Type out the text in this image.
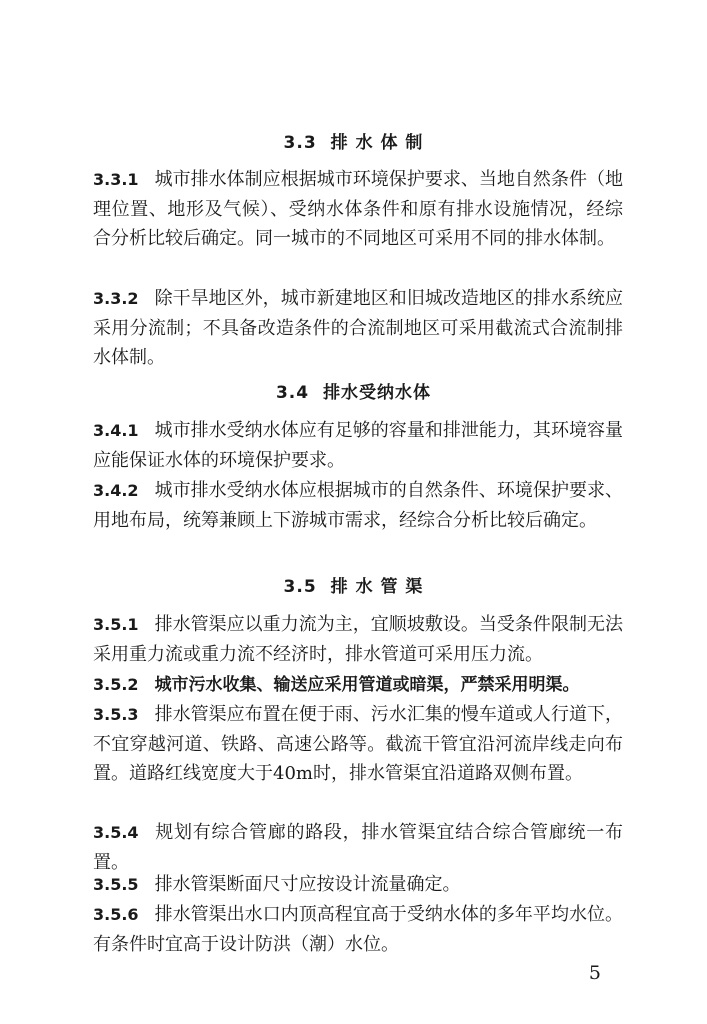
3.3 排 水 体 制
3.3.1 城市排水体制应根据城市环境保护要求、当地自然条件（地理位置、地形及气候）、受纳水体条件和原有排水设施情况，经综合分析比较后确定。同一城市的不同地区可采用不同的排水体制。
3.3.2 除干旱地区外，城市新建地区和旧城改造地区的排水系统应采用分流制；不具备改造条件的合流制地区可采用截流式合流制排水体制。
3.4 排水受纳水体
3.4.1 城市排水受纳水体应有足够的容量和排泄能力，其环境容量应能保证水体的环境保护要求。
3.4.2 城市排水受纳水体应根据城市的自然条件、环境保护要求、用地布局，统筹兼顾上下游城市需求，经综合分析比较后确定。
3.5 排 水 管 渠
3.5.1 排水管渠应以重力流为主，宜顺坡敷设。当受条件限制无法采用重力流或重力流不经济时，排水管道可采用压力流。
3.5.2 城市污水收集、输送应采用管道或暗渠，严禁采用明渠。
3.5.3 排水管渠应布置在便于雨、污水汇集的慢车道或人行道下，不宜穿越河道、铁路、高速公路等。截流干管宜沿河流岸线走向布置。道路红线宽度大于40m时，排水管渠宜沿道路双侧布置。
3.5.4 规划有综合管廊的路段，排水管渠宜结合综合管廊统一布置。
3.5.5 排水管渠断面尺寸应按设计流量确定。
3.5.6 排水管渠出水口内顶高程宜高于受纳水体的多年平均水位。有条件时宜高于设计防洪（潮）水位。
5
